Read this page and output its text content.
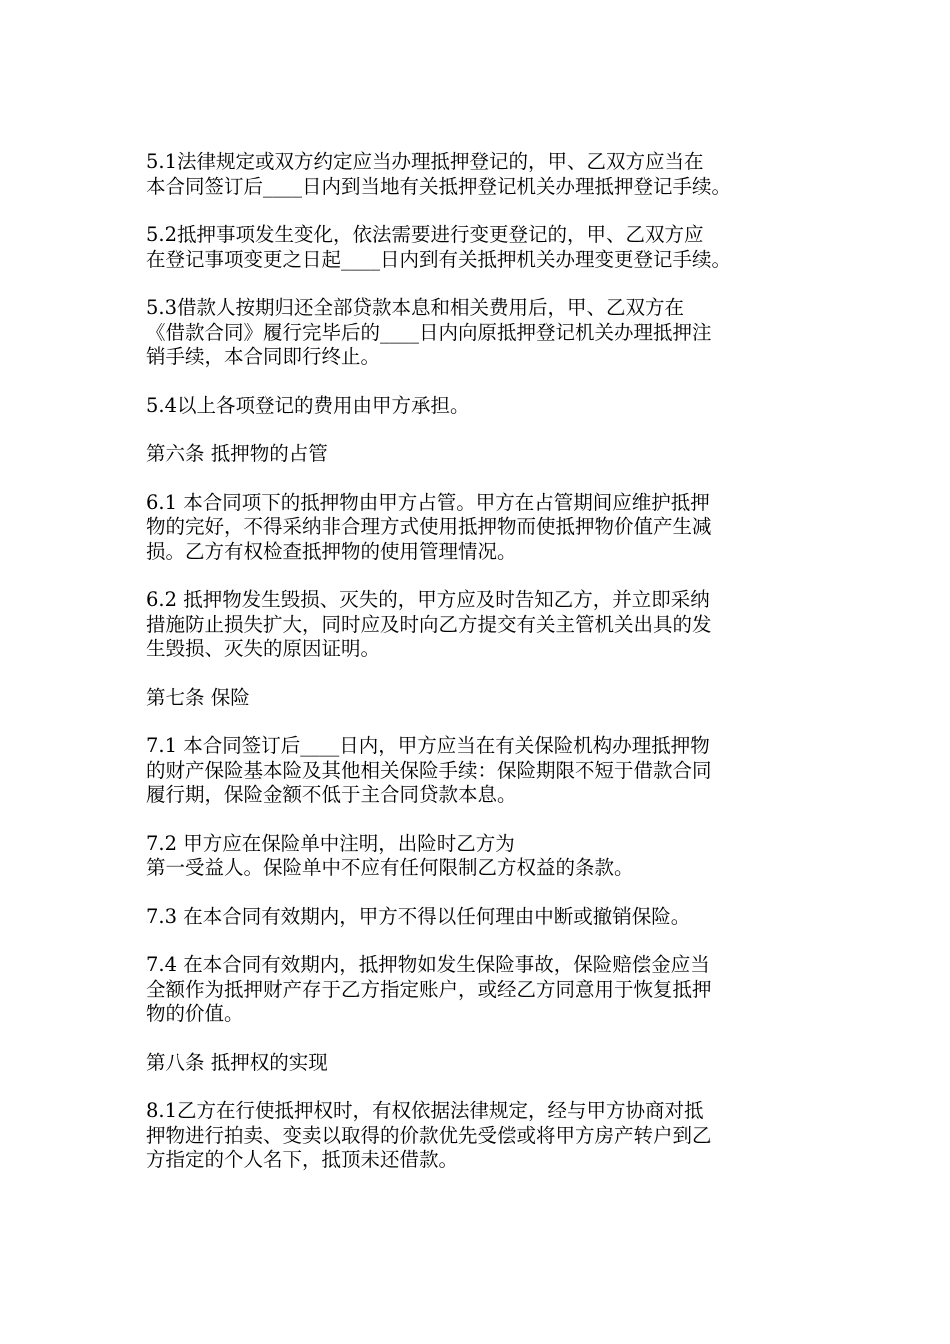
5.1法律规定或双方约定应当办理抵押登记的，甲、乙双方应当在
本合同签订后____日内到当地有关抵押登记机关办理抵押登记手续。

5.2抵押事项发生变化，依法需要进行变更登记的，甲、乙双方应
在登记事项变更之日起____日内到有关抵押机关办理变更登记手续。

5.3借款人按期归还全部贷款本息和相关费用后，甲、乙双方在
《借款合同》履行完毕后的____日内向原抵押登记机关办理抵押注
销手续，本合同即行终止。

5.4以上各项登记的费用由甲方承担。

第六条 抵押物的占管

6.1 本合同项下的抵押物由甲方占管。甲方在占管期间应维护抵押
物的完好，不得采纳非合理方式使用抵押物而使抵押物价值产生减
损。乙方有权检查抵押物的使用管理情况。

6.2 抵押物发生毁损、灭失的，甲方应及时告知乙方，并立即采纳
措施防止损失扩大，同时应及时向乙方提交有关主管机关出具的发
生毁损、灭失的原因证明。

第七条 保险

7.1 本合同签订后____日内，甲方应当在有关保险机构办理抵押物
的财产保险基本险及其他相关保险手续：保险期限不短于借款合同
履行期，保险金额不低于主合同贷款本息。

7.2 甲方应在保险单中注明，出险时乙方为
第一受益人。保险单中不应有任何限制乙方权益的条款。

7.3 在本合同有效期内，甲方不得以任何理由中断或撤销保险。

7.4 在本合同有效期内，抵押物如发生保险事故，保险赔偿金应当
全额作为抵押财产存于乙方指定账户，或经乙方同意用于恢复抵押
物的价值。

第八条 抵押权的实现

8.1乙方在行使抵押权时，有权依据法律规定，经与甲方协商对抵
押物进行拍卖、变卖以取得的价款优先受偿或将甲方房产转户到乙
方指定的个人名下，抵顶未还借款。
